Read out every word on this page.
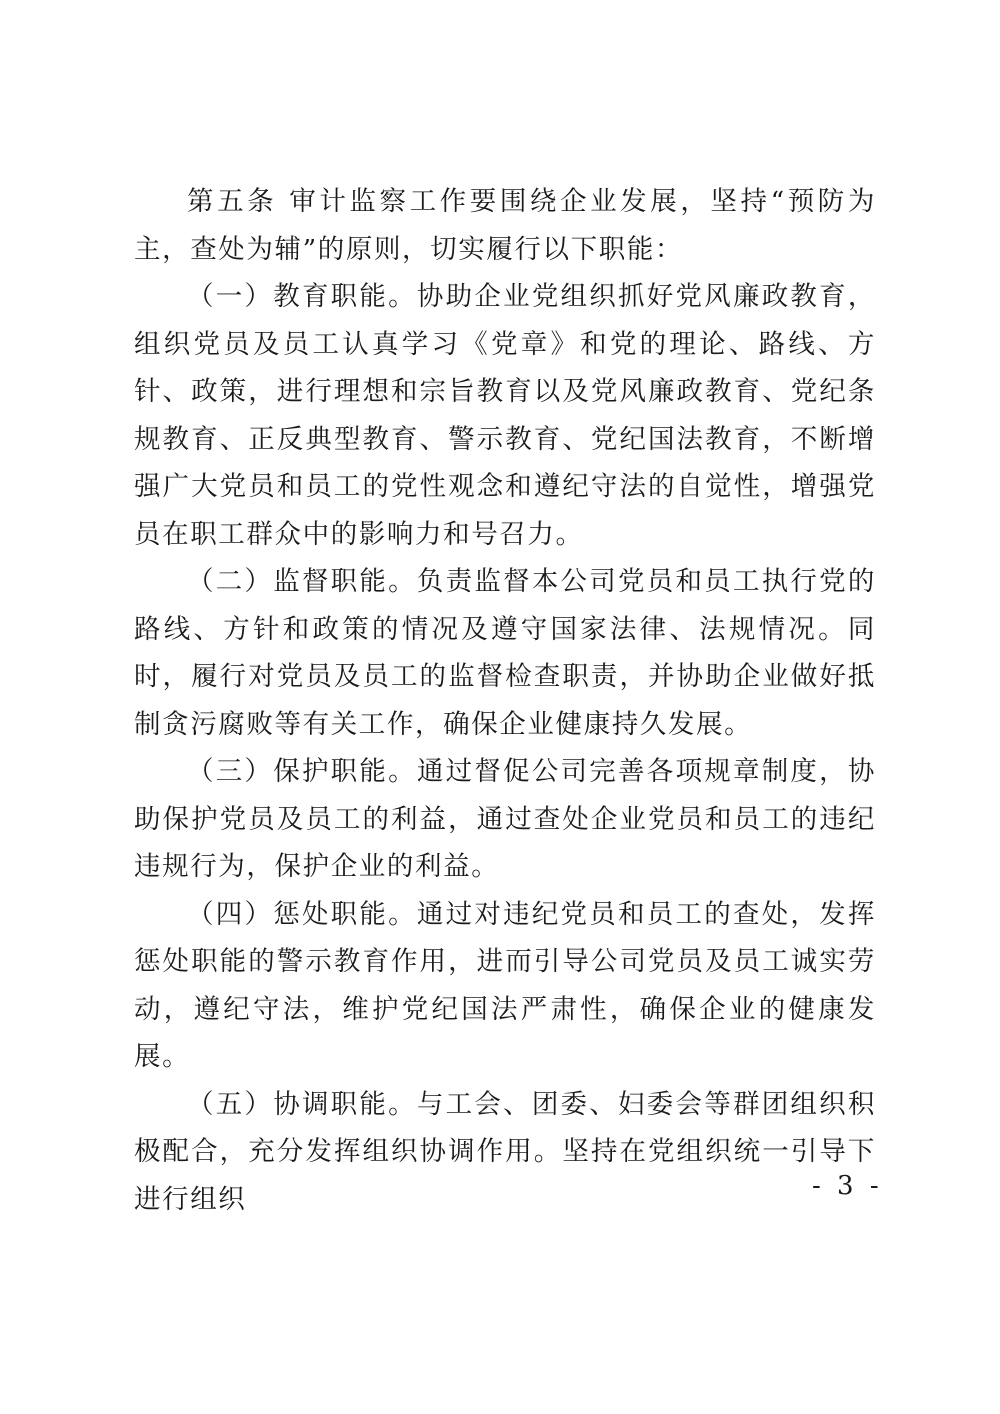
第五条 审计监察工作要围绕企业发展，坚持“预防为主，查处为辅”的原则，切实履行以下职能：

（一）教育职能。协助企业党组织抓好党风廉政教育，组织党员及员工认真学习《党章》和党的理论、路线、方针、政策，进行理想和宗旨教育以及党风廉政教育、党纪条规教育、正反典型教育、警示教育、党纪国法教育，不断增强广大党员和员工的党性观念和遵纪守法的自觉性，增强党员在职工群众中的影响力和号召力。

（二）监督职能。负责监督本公司党员和员工执行党的路线、方针和政策的情况及遵守国家法律、法规情况。同时，履行对党员及员工的监督检查职责，并协助企业做好抵制贪污腐败等有关工作，确保企业健康持久发展。

（三）保护职能。通过督促公司完善各项规章制度，协助保护党员及员工的利益，通过查处企业党员和员工的违纪违规行为，保护企业的利益。

（四）惩处职能。通过对违纪党员和员工的查处，发挥惩处职能的警示教育作用，进而引导公司党员及员工诚实劳动，遵纪守法，维护党纪国法严肃性，确保企业的健康发展。

（五）协调职能。与工会、团委、妇委会等群团组织积极配合，充分发挥组织协调作用。坚持在党组织统一引导下进行组织	- 3 -
